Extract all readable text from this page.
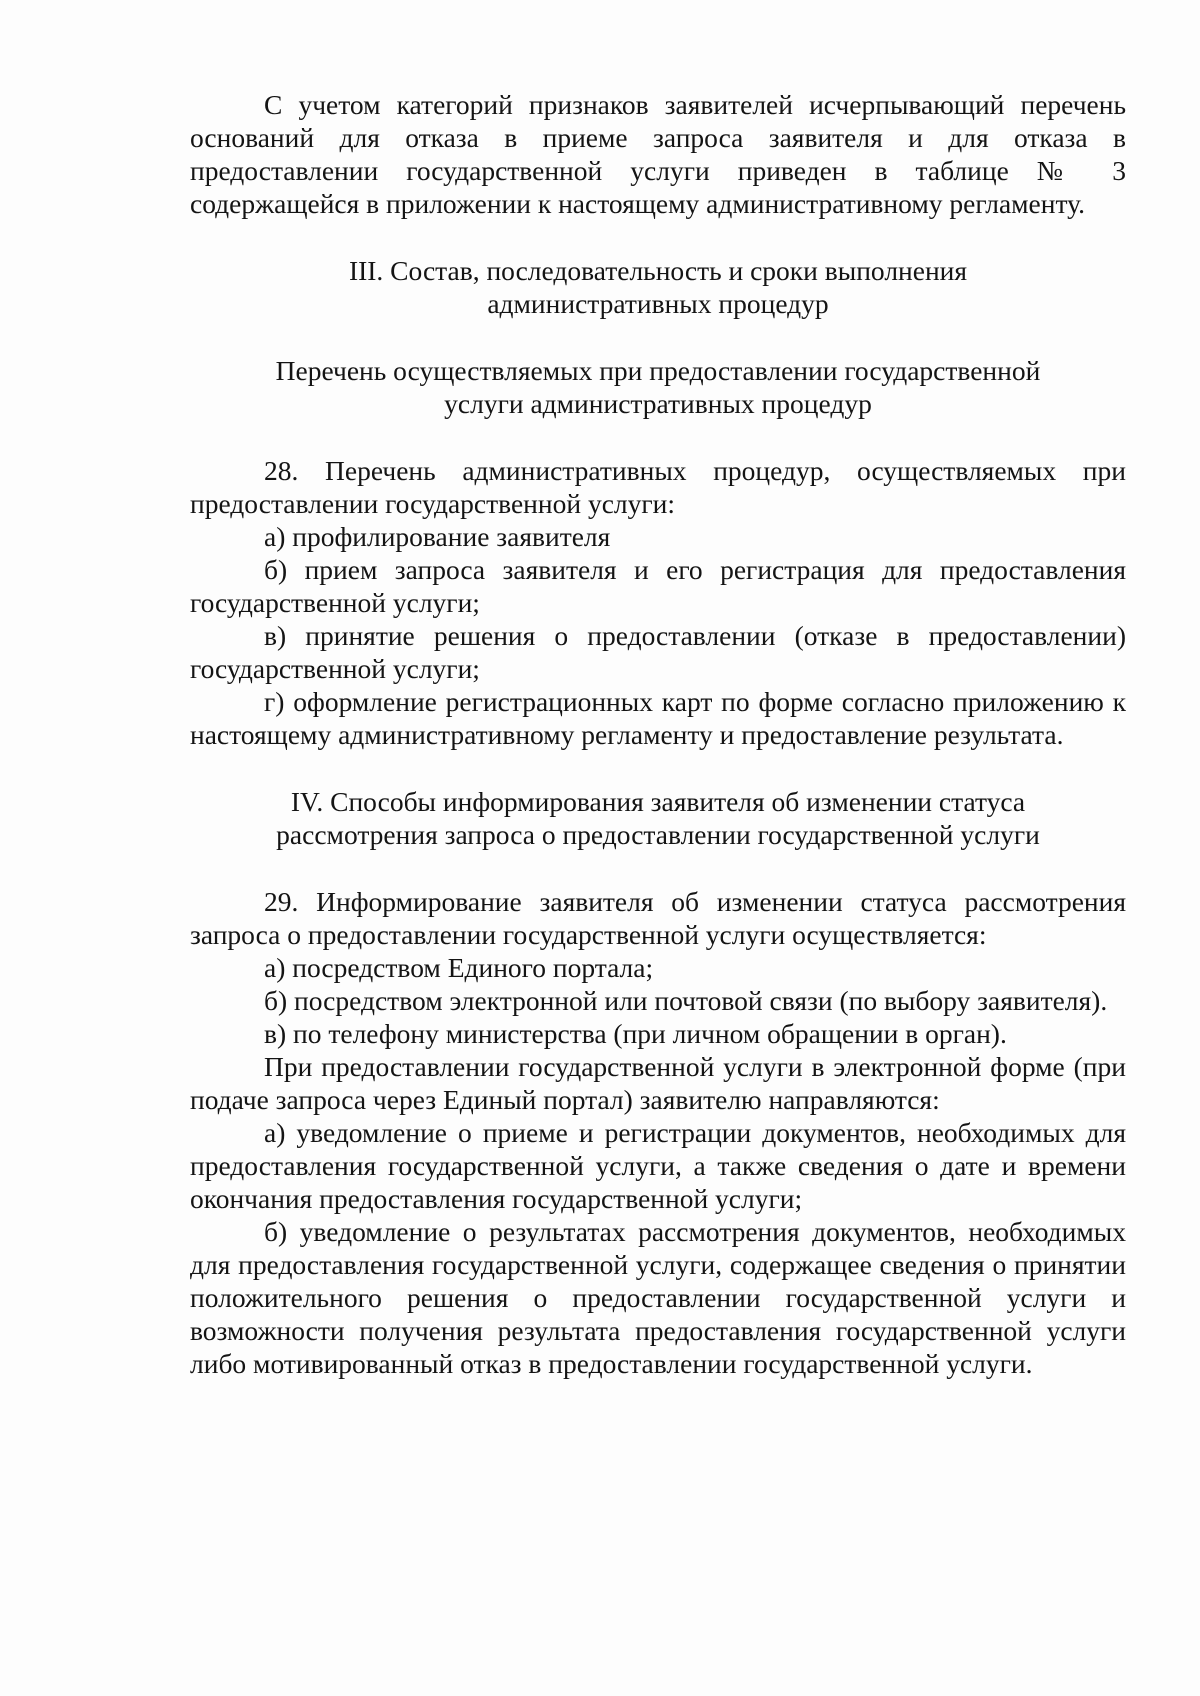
С учетом категорий признаков заявителей исчерпывающий перечень оснований для отказа в приеме запроса заявителя и для отказа в предоставлении государственной услуги приведен в таблице № 3 содержащейся в приложении к настоящему административному регламенту.

III. Состав, последовательность и сроки выполнения
административных процедур
Перечень осуществляемых при предоставлении государственной
услуги административных процедур

28. Перечень административных процедур, осуществляемых при предоставлении государственной услуги:

а) профилирование заявителя

б) прием запроса заявителя и его регистрация для предоставления государственной услуги;

в) принятие решения о предоставлении (отказе в предоставлении) государственной услуги;

г) оформление регистрационных карт по форме согласно приложению к настоящему административному регламенту и предоставление результата.

IV. Способы информирования заявителя об изменении статуса
рассмотрения запроса о предоставлении государственной услуги

29. Информирование заявителя об изменении статуса рассмотрения запроса о предоставлении государственной услуги осуществляется:

а) посредством Единого портала;

б) посредством электронной или почтовой связи (по выбору заявителя).

в) по телефону министерства (при личном обращении в орган).

При предоставлении государственной услуги в электронной форме (при подаче запроса через Единый портал) заявителю направляются:

а) уведомление о приеме и регистрации документов, необходимых для предоставления государственной услуги, а также сведения о дате и времени окончания предоставления государственной услуги;

б) уведомление о результатах рассмотрения документов, необходимых для предоставления государственной услуги, содержащее сведения о принятии положительного решения о предоставлении государственной услуги и возможности получения результата предоставления государственной услуги либо мотивированный отказ в предоставлении государственной услуги.
